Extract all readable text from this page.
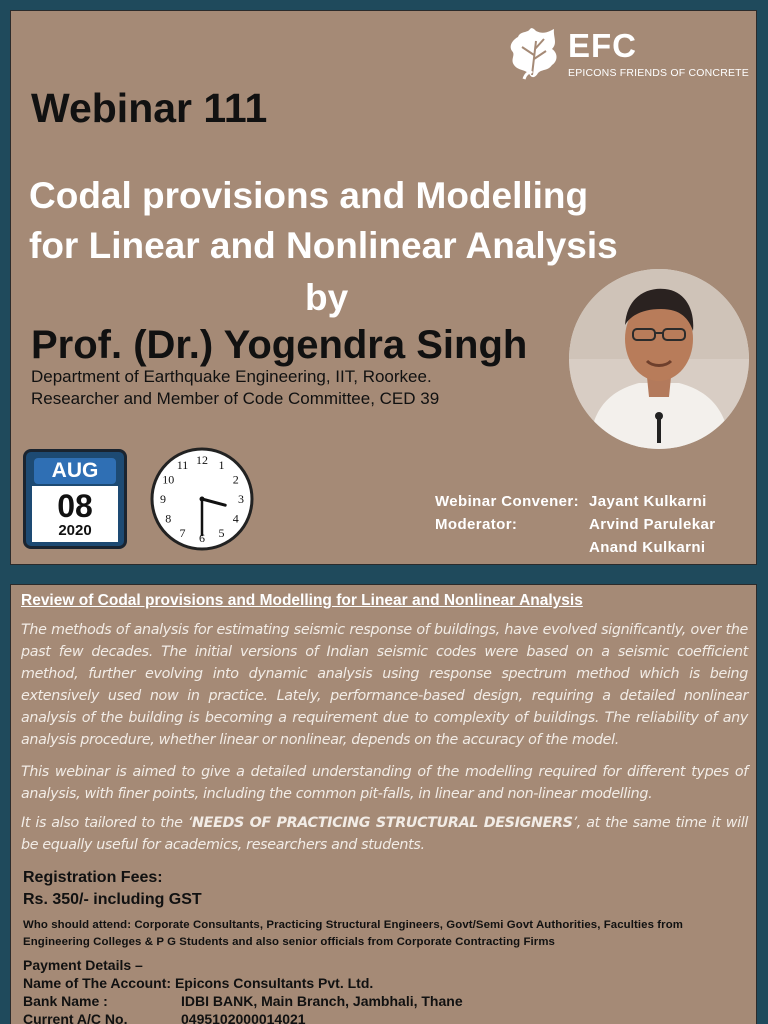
EFC
EPICONS FRIENDS OF CONCRETE
Webinar 111
Codal provisions and Modelling
for Linear and Nonlinear Analysis
by
Prof. (Dr.) Yogendra Singh
Department of Earthquake Engineering, IIT, Roorkee.
Researcher and Member of Code Committee, CED 39
AUG
08
2020
12 1
2
3
4
5
6
7
8
9
10
11
Webinar Convener: Jayant Kulkarni
Moderator:	Arvind Parulekar
Anand Kulkarni
Review of Codal provisions and Modelling for Linear and Nonlinear Analysis

The methods of analysis for estimating seismic response of buildings, have evolved significantly, over the past few decades. The initial versions of Indian seismic codes were based on a seismic coefficient method, further evolving into dynamic analysis using response spectrum method which is being extensively used now in practice. Lately, performance-based design, requiring a detailed nonlinear analysis of the building is becoming a requirement due to complexity of buildings. The reliability of any analysis procedure, whether linear or nonlinear, depends on the accuracy of the model.

This webinar is aimed to give a detailed understanding of the modelling required for different types of analysis, with finer points, including the common pit-falls, in linear and non-linear modelling.

It is also tailored to the ‘NEEDS OF PRACTICING STRUCTURAL DESIGNERS’, at the same time it will be equally useful for academics, researchers and students.

Registration Fees:
Rs. 350/- including GST
Who should attend: Corporate Consultants, Practicing Structural Engineers, Govt/Semi Govt Authorities, Faculties from Engineering Colleges & P G Students and also senior officials from Corporate Contracting Firms
Payment Details –
Name of The Account: Epicons Consultants Pvt. Ltd.
Bank Name :	IDBI BANK, Main Branch, Jambhali, Thane
Current A/C No.	0495102000014021
